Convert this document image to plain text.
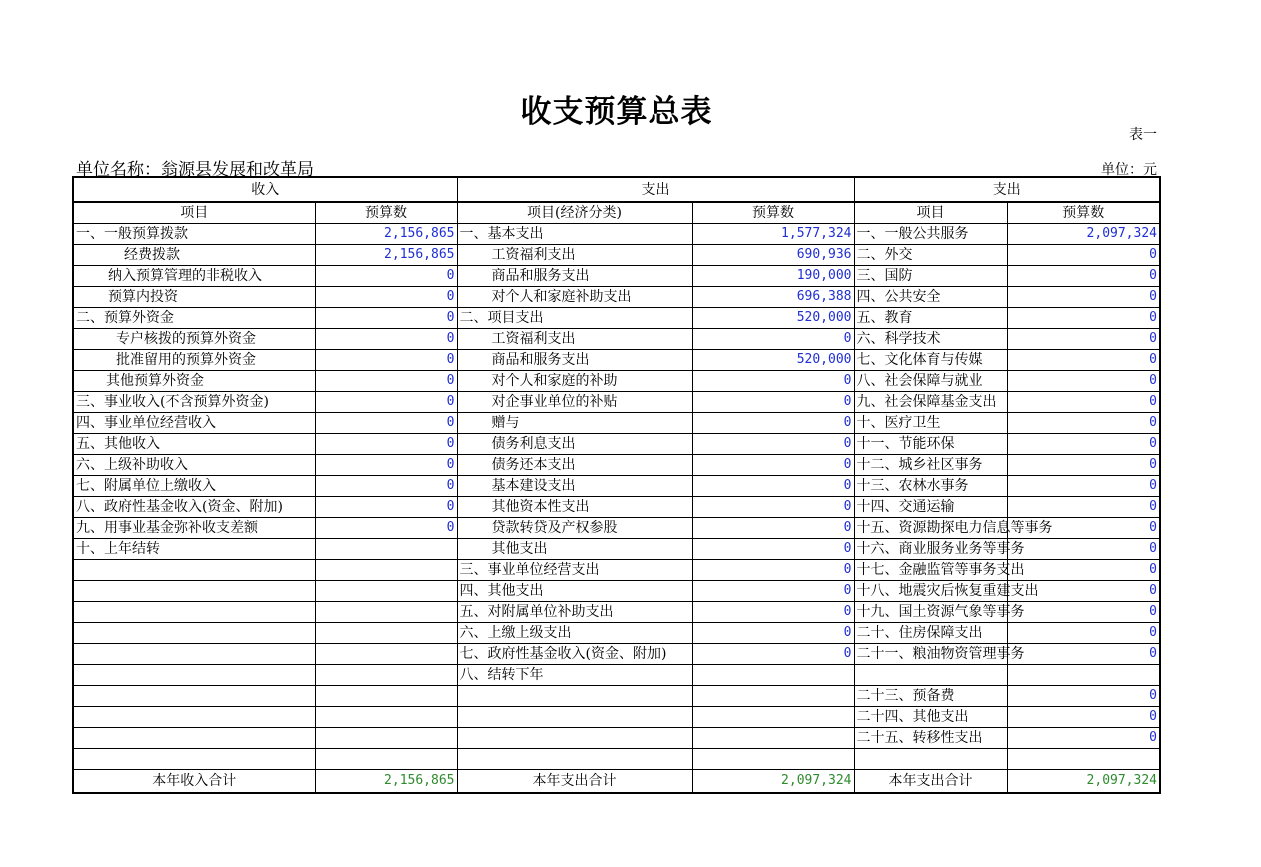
收支预算总表
表一
单位名称：翁源县发展和改革局	单位：元
收入		支出		支出	
项目	预算数	项目(经济分类)	预算数	项目	预算数
一、一般预算拨款	2,156,865	一、基本支出	1,577,324	一、一般公共服务	2,097,324
经费拨款	2,156,865	工资福利支出	690,936	二、外交	0
纳入预算管理的非税收入	0	商品和服务支出	190,000	三、国防	0
预算内投资	0	对个人和家庭补助支出	696,388	四、公共安全	0
二、预算外资金	0	二、项目支出	520,000	五、教育	0
专户核拨的预算外资金	0	工资福利支出	0	六、科学技术	0
批准留用的预算外资金	0	商品和服务支出	520,000	七、文化体育与传媒	0
其他预算外资金	0	对个人和家庭的补助	0	八、社会保障与就业	0
三、事业收入(不含预算外资金)	0	对企事业单位的补贴	0	九、社会保障基金支出	0
四、事业单位经营收入	0	赠与	0	十、医疗卫生	0
五、其他收入	0	债务利息支出	0	十一、节能环保	0
六、上级补助收入	0	债务还本支出	0	十二、城乡社区事务	0
七、附属单位上缴收入	0	基本建设支出	0	十三、农林水事务	0
八、政府性基金收入(资金、附加)	0	其他资本性支出	0	十四、交通运输	0
九、用事业基金弥补收支差额	0	贷款转贷及产权参股	0	十五、资源勘探电力信息等事务	0
十、上年结转		其他支出	0	十六、商业服务业务等事务	0
		三、事业单位经营支出	0	十七、金融监管等事务支出	0
		四、其他支出	0	十八、地震灾后恢复重建支出	0
		五、对附属单位补助支出	0	十九、国土资源气象等事务	0
		六、上缴上级支出	0	二十、住房保障支出	0
		七、政府性基金收入(资金、附加)	0	二十一、粮油物资管理事务	0
		八、结转下年			
				二十三、预备费	0
				二十四、其他支出	0
				二十五、转移性支出	0

本年收入合计	2,156,865	本年支出合计	2,097,324	本年支出合计	2,097,324
